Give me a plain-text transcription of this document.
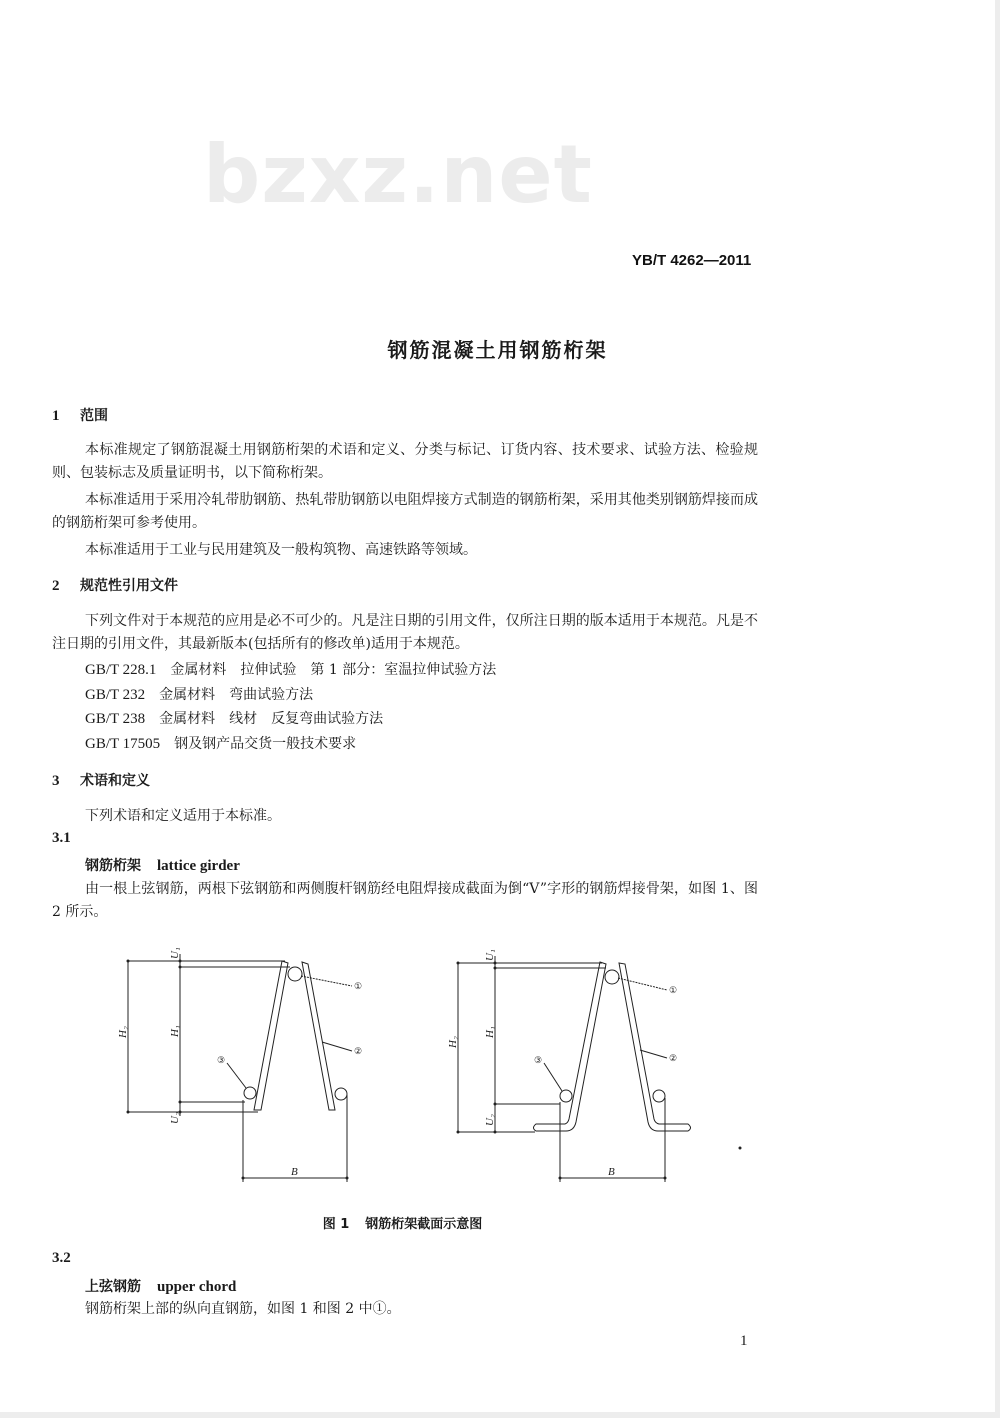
bzxz.net
YB/T 4262—2011
钢筋混凝土用钢筋桁架
1 范围
本标准规定了钢筋混凝土用钢筋桁架的术语和定义、分类与标记、订货内容、技术要求、试验方法、检验规则、包装标志及质量证明书，以下简称桁架。
本标准适用于采用冷轧带肋钢筋、热轧带肋钢筋以电阻焊接方式制造的钢筋桁架，采用其他类别钢筋焊接而成的钢筋桁架可参考使用。
本标准适用于工业与民用建筑及一般构筑物、高速铁路等领域。
2 规范性引用文件
下列文件对于本规范的应用是必不可少的。凡是注日期的引用文件，仅所注日期的版本适用于本规范。凡是不注日期的引用文件，其最新版本(包括所有的修改单)适用于本规范。
GB/T 228.1 金属材料 拉伸试验 第 1 部分：室温拉伸试验方法
GB/T 232 金属材料 弯曲试验方法
GB/T 238 金属材料 线材 反复弯曲试验方法
GB/T 17505 钢及钢产品交货一般技术要求
3 术语和定义
下列术语和定义适用于本标准。
3.1
钢筋桁架 lattice girder
由一根上弦钢筋，两根下弦钢筋和两侧腹杆钢筋经电阻焊接成截面为倒“V”字形的钢筋焊接骨架，如图 1、图 2 所示。
H₂	H₁
U₁
U₂
B
①
②
③
H₂
H₁
U₁
U₂
B
①
②
③
图 1 钢筋桁架截面示意图
3.2
上弦钢筋 upper chord
钢筋桁架上部的纵向直钢筋，如图 1 和图 2 中①。
1
